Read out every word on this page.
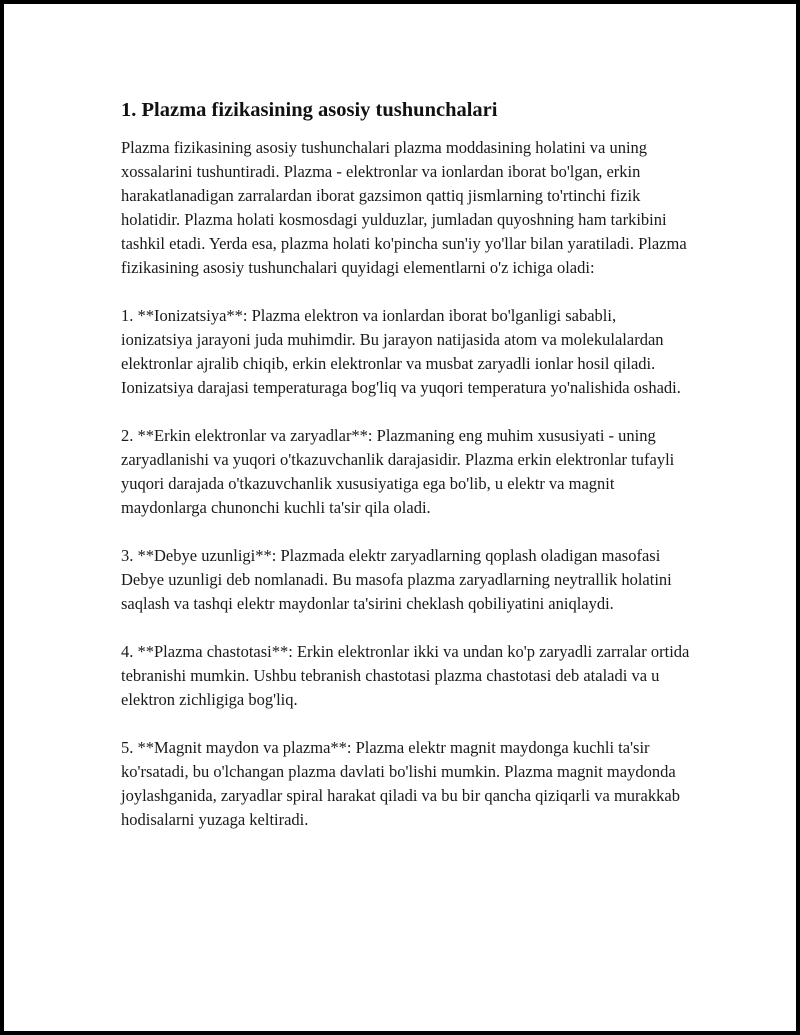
1. Plazma fizikasining asosiy tushunchalari

Plazma fizikasining asosiy tushunchalari plazma moddasining holatini va uning xossalarini tushuntiradi. Plazma - elektronlar va ionlardan iborat bo'lgan, erkin harakatlanadigan zarralardan iborat gazsimon qattiq jismlarning to'rtinchi fizik holatidir. Plazma holati kosmosdagi yulduzlar, jumladan quyoshning ham tarkibini tashkil etadi. Yerda esa, plazma holati ko'pincha sun'iy yo'llar bilan yaratiladi. Plazma fizikasining asosiy tushunchalari quyidagi elementlarni o'z ichiga oladi:

1. **Ionizatsiya**: Plazma elektron va ionlardan iborat bo'lganligi sababli, ionizatsiya jarayoni juda muhimdir. Bu jarayon natijasida atom va molekulalardan elektronlar ajralib chiqib, erkin elektronlar va musbat zaryadli ionlar hosil qiladi. Ionizatsiya darajasi temperaturaga bog'liq va yuqori temperatura yo'nalishida oshadi.

2. **Erkin elektronlar va zaryadlar**: Plazmaning eng muhim xususiyati - uning zaryadlanishi va yuqori o'tkazuvchanlik darajasidir. Plazma erkin elektronlar tufayli yuqori darajada o'tkazuvchanlik xususiyatiga ega bo'lib, u elektr va magnit maydonlarga chunonchi kuchli ta'sir qila oladi.

3. **Debye uzunligi**: Plazmada elektr zaryadlarning qoplash oladigan masofasi Debye uzunligi deb nomlanadi. Bu masofa plazma zaryadlarning neytrallik holatini saqlash va tashqi elektr maydonlar ta'sirini cheklash qobiliyatini aniqlaydi.

4. **Plazma chastotasi**: Erkin elektronlar ikki va undan ko'p zaryadli zarralar ortida tebranishi mumkin. Ushbu tebranish chastotasi plazma chastotasi deb ataladi va u elektron zichligiga bog'liq.

5. **Magnit maydon va plazma**: Plazma elektr magnit maydonga kuchli ta'sir ko'rsatadi, bu o'lchangan plazma davlati bo'lishi mumkin. Plazma magnit maydonda joylashganida, zaryadlar spiral harakat qiladi va bu bir qancha qiziqarli va murakkab hodisalarni yuzaga keltiradi.
